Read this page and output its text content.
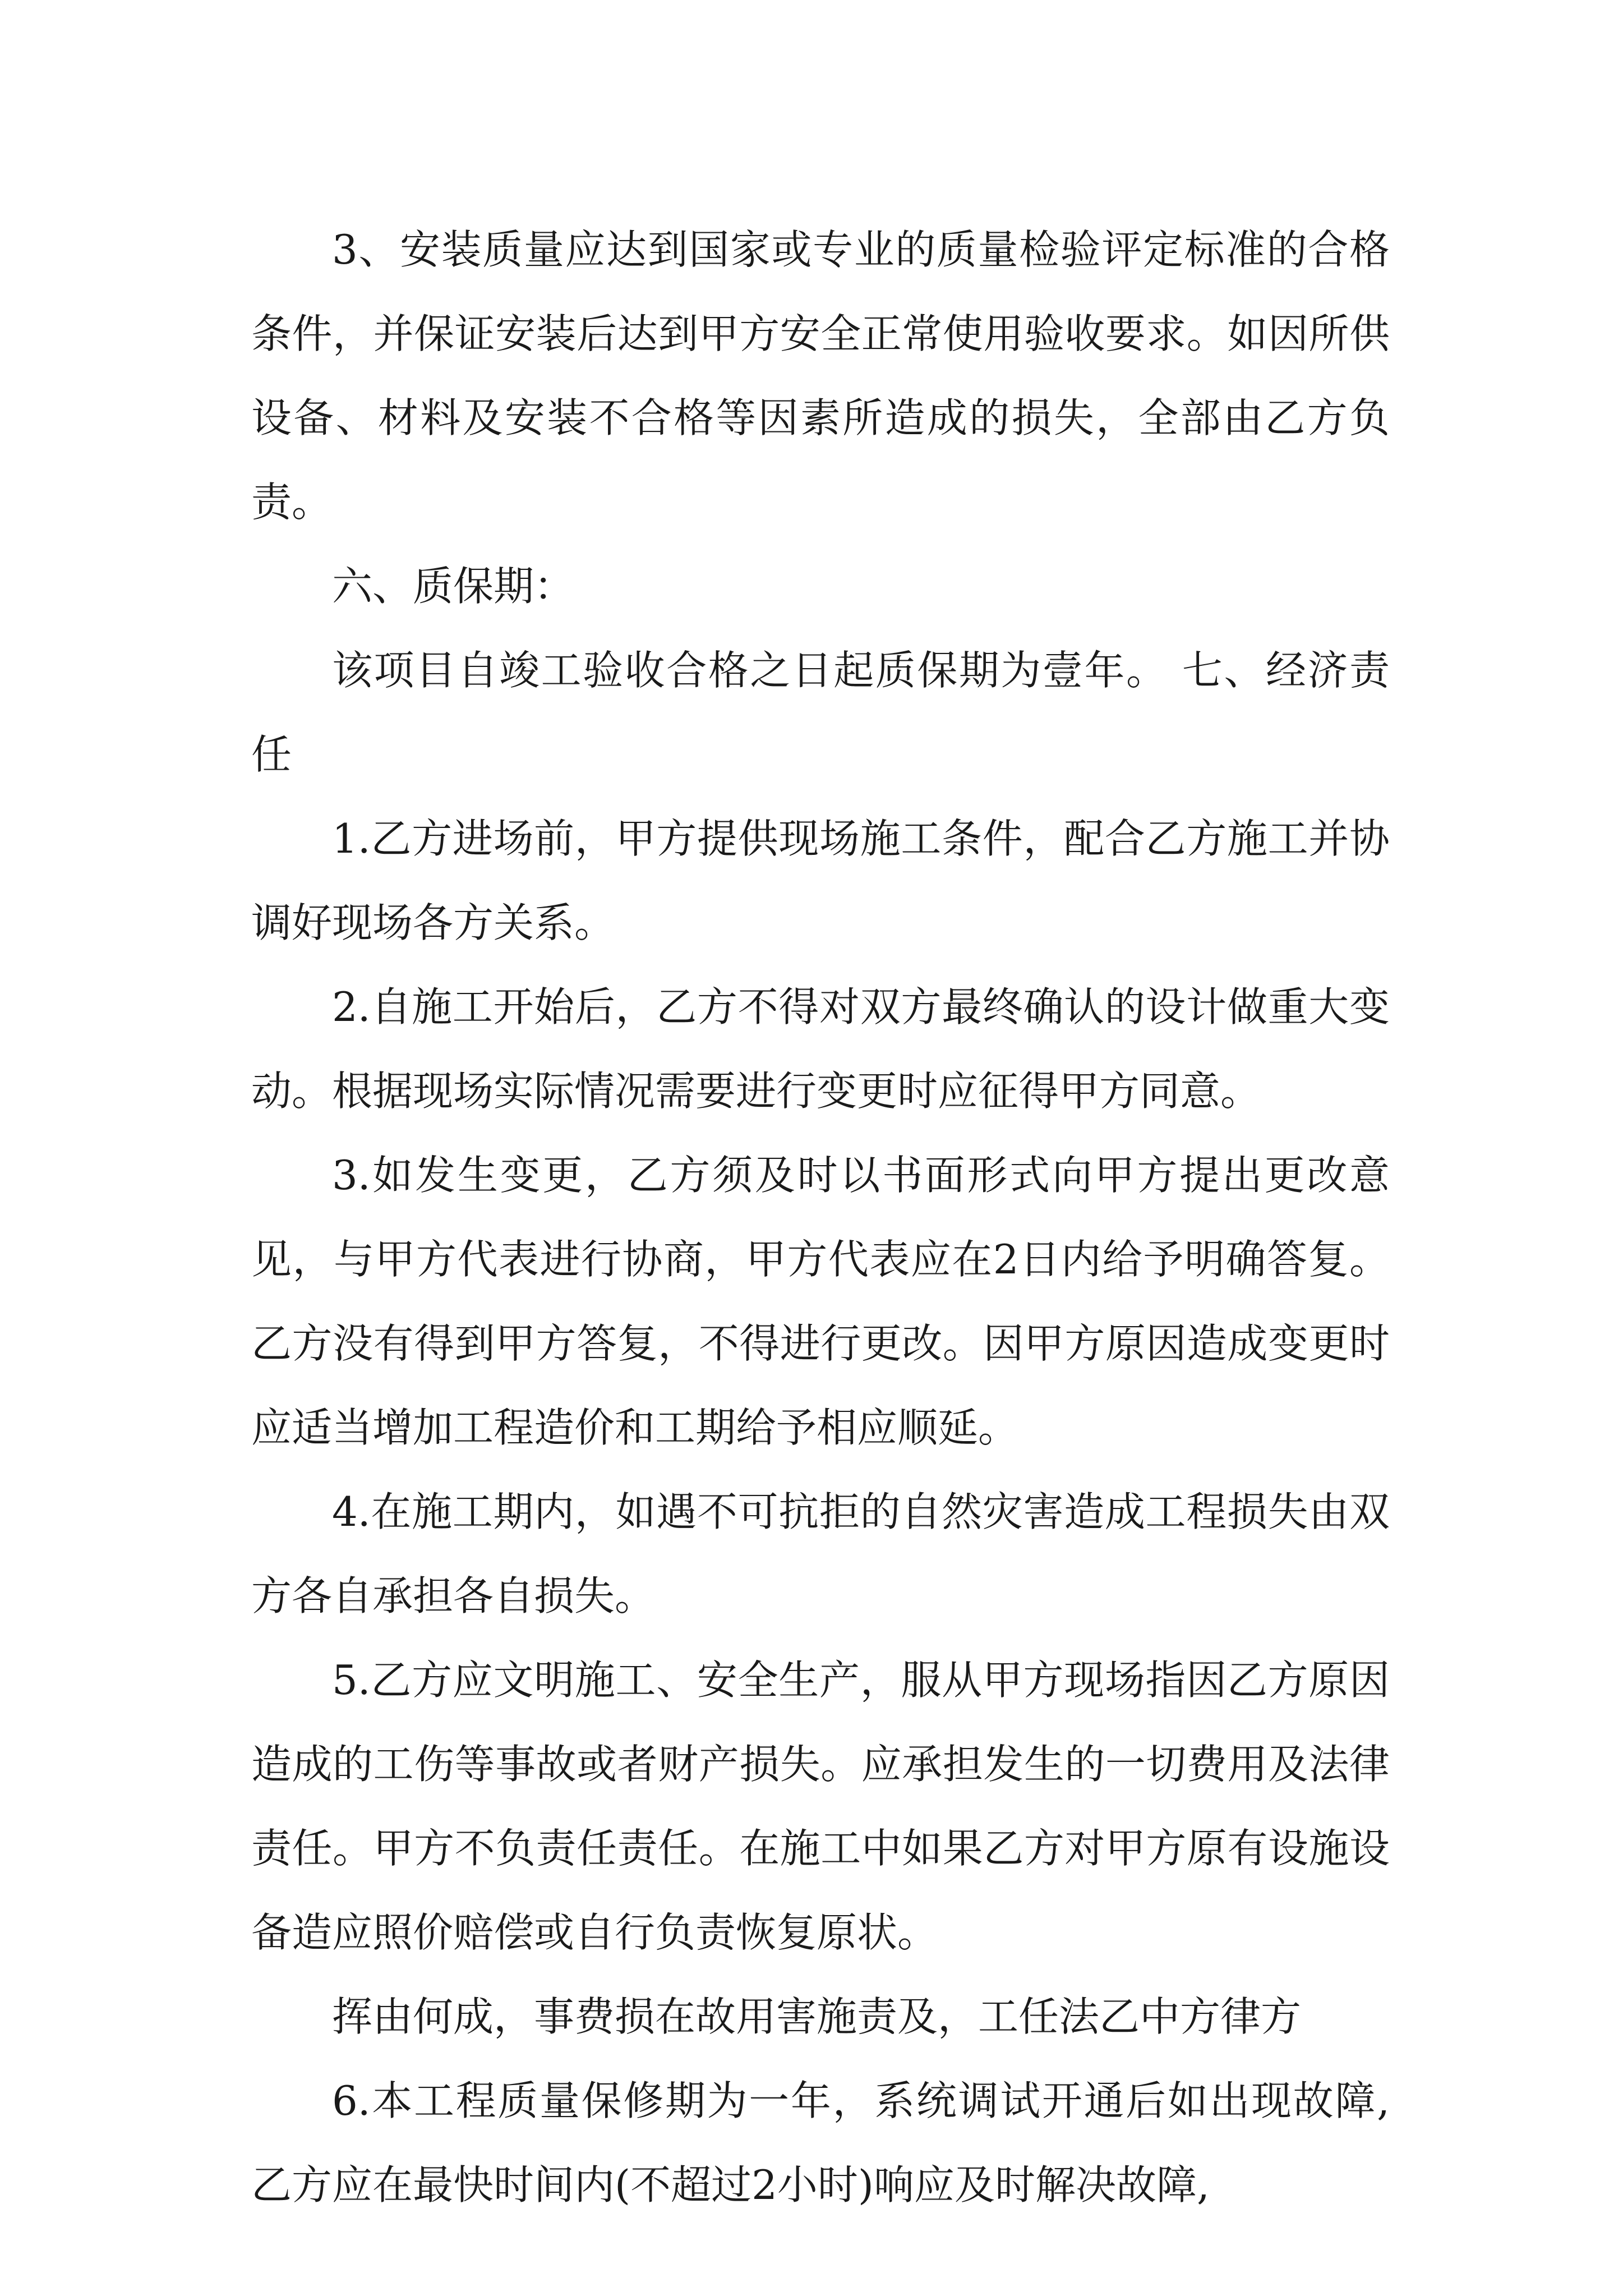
3、安装质量应达到国家或专业的质量检验评定标准的合格条件，并保证安装后达到甲方安全正常使用验收要求。如因所供设备、材料及安装不合格等因素所造成的损失，全部由乙方负责。

六、质保期：

该项目自竣工验收合格之日起质保期为壹年。 七、经济责任

1.乙方进场前，甲方提供现场施工条件，配合乙方施工并协调好现场各方关系。

2.自施工开始后，乙方不得对双方最终确认的设计做重大变动。根据现场实际情况需要进行变更时应征得甲方同意。

3.如发生变更，乙方须及时以书面形式向甲方提出更改意见，与甲方代表进行协商，甲方代表应在2日内给予明确答复。乙方没有得到甲方答复，不得进行更改。因甲方原因造成变更时应适当增加工程造价和工期给予相应顺延。

4.在施工期内，如遇不可抗拒的自然灾害造成工程损失由双方各自承担各自损失。

5.乙方应文明施工、安全生产，服从甲方现场指因乙方原因造成的工伤等事故或者财产损失。应承担发生的一切费用及法律责任。甲方不负责任责任。在施工中如果乙方对甲方原有设施设备造应照价赔偿或自行负责恢复原状。

挥由何成，事费损在故用害施责及，工任法乙中方律方

6.本工程质量保修期为一年，系统调试开通后如出现故障,乙方应在最快时间内(不超过2小时)响应及时解决故障,
